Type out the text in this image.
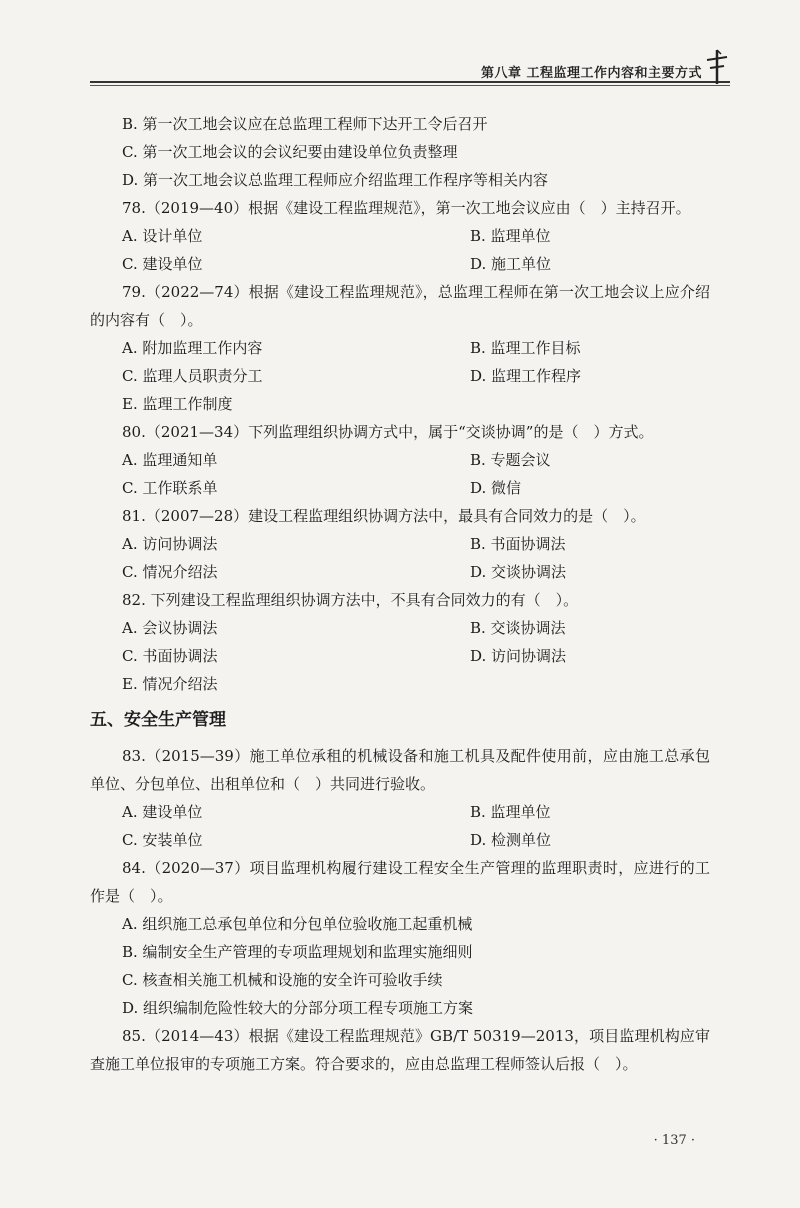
第八章 工程监理工作内容和主要方式
B. 第一次工地会议应在总监理工程师下达开工令后召开
C. 第一次工地会议的会议纪要由建设单位负责整理
D. 第一次工地会议总监理工程师应介绍监理工作程序等相关内容
78.（2019—40）根据《建设工程监理规范》，第一次工地会议应由（　）主持召开。
A. 设计单位	B. 监理单位
C. 建设单位	D. 施工单位
79.（2022—74）根据《建设工程监理规范》，总监理工程师在第一次工地会议上应介绍的内容有（　）。
A. 附加监理工作内容	B. 监理工作目标
C. 监理人员职责分工	D. 监理工作程序
E. 监理工作制度
80.（2021—34）下列监理组织协调方式中，属于“交谈协调”的是（　）方式。
A. 监理通知单	B. 专题会议
C. 工作联系单	D. 微信
81.（2007—28）建设工程监理组织协调方法中，最具有合同效力的是（　）。
A. 访问协调法	B. 书面协调法
C. 情况介绍法	D. 交谈协调法
82. 下列建设工程监理组织协调方法中，不具有合同效力的有（　）。
A. 会议协调法	B. 交谈协调法
C. 书面协调法	D. 访问协调法
E. 情况介绍法
五、安全生产管理
83.（2015—39）施工单位承租的机械设备和施工机具及配件使用前，应由施工总承包单位、分包单位、出租单位和（　）共同进行验收。
A. 建设单位	B. 监理单位
C. 安装单位	D. 检测单位
84.（2020—37）项目监理机构履行建设工程安全生产管理的监理职责时，应进行的工作是（　）。
A. 组织施工总承包单位和分包单位验收施工起重机械
B. 编制安全生产管理的专项监理规划和监理实施细则
C. 核查相关施工机械和设施的安全许可验收手续
D. 组织编制危险性较大的分部分项工程专项施工方案
85.（2014—43）根据《建设工程监理规范》GB/T 50319—2013，项目监理机构应审查施工单位报审的专项施工方案。符合要求的，应由总监理工程师签认后报（　）。
· 137 ·
